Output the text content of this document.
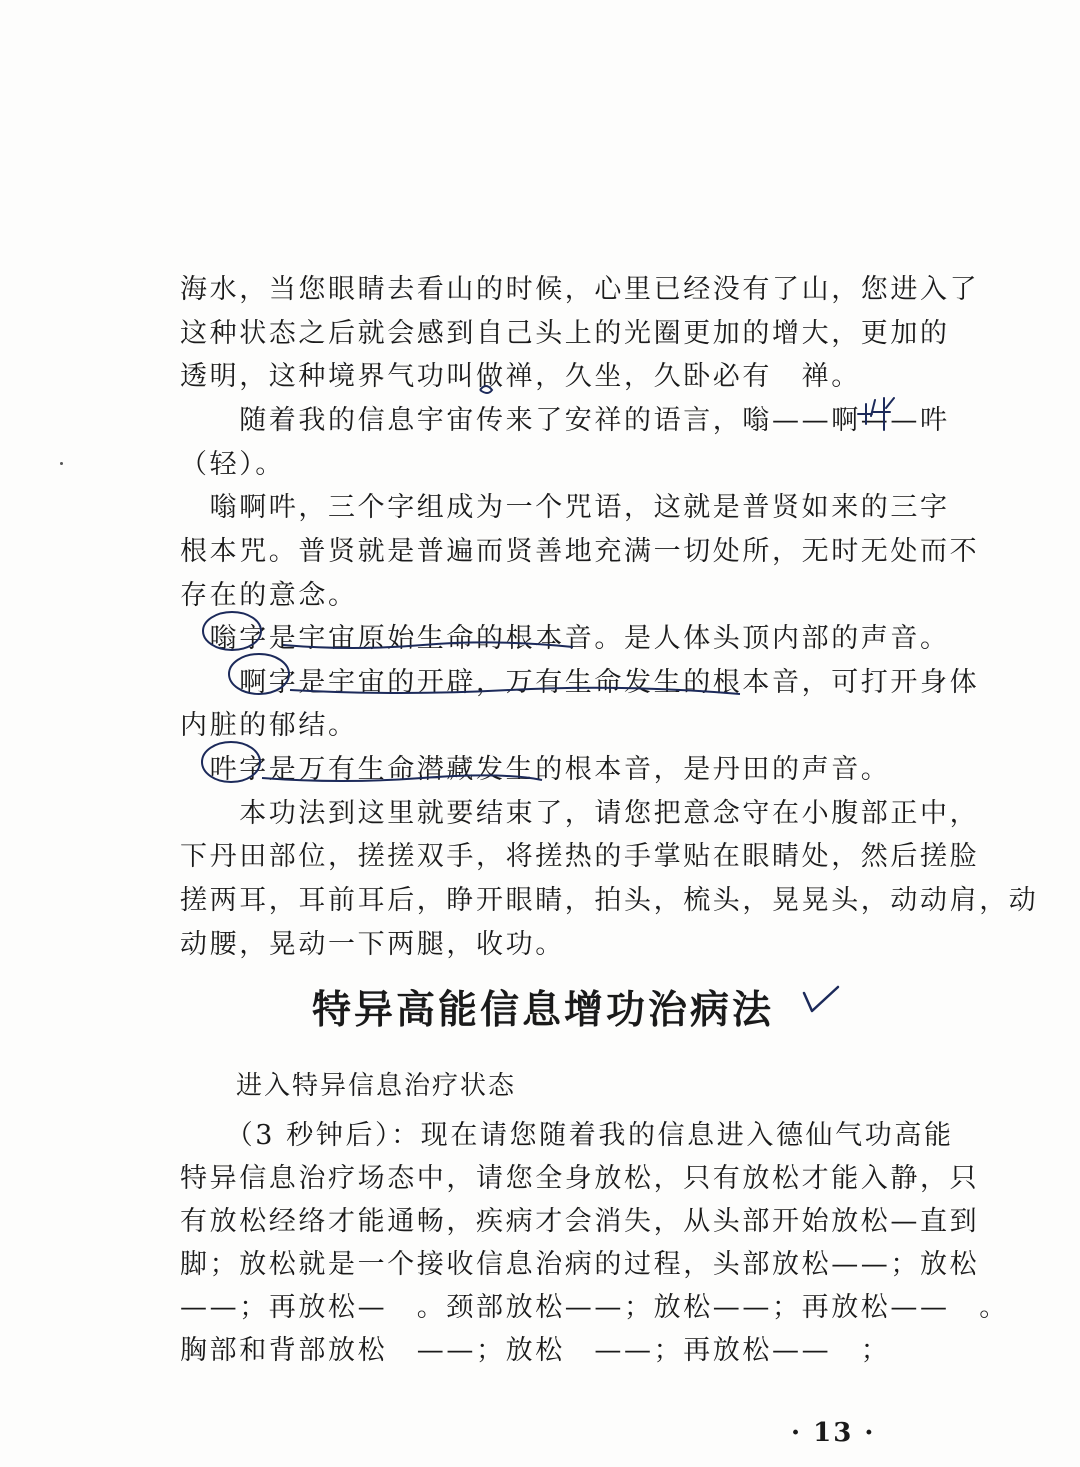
海水，当您眼睛去看山的时候，心里已经没有了山，您进入了
这种状态之后就会感到自己头上的光圈更加的增大，更加的
透明，这种境界气功叫做禅，久坐，久卧必有　禅。
　　随着我的信息宇宙传来了安祥的语言，嗡——啊——吽
（轻）。
　嗡啊吽，三个字组成为一个咒语，这就是普贤如来的三字
根本咒。普贤就是普遍而贤善地充满一切处所，无时无处而不
存在的意念。
　嗡字是宇宙原始生命的根本音。是人体头顶内部的声音。
　　啊字是宇宙的开辟，万有生命发生的根本音，可打开身体
内脏的郁结。
　吽字是万有生命潜藏发生的根本音，是丹田的声音。
　　本功法到这里就要结束了，请您把意念守在小腹部正中，
下丹田部位，搓搓双手，将搓热的手掌贴在眼睛处，然后搓脸
搓两耳，耳前耳后，睁开眼睛，拍头，梳头，晃晃头，动动肩，动
动腰，晃动一下两腿，收功。
特异高能信息增功治病法
进入特异信息治疗状态
　　（3 秒钟后）：现在请您随着我的信息进入德仙气功高能
特异信息治疗场态中，请您全身放松，只有放松才能入静，只
有放松经络才能通畅，疾病才会消失，从头部开始放松—直到
脚；放松就是一个接收信息治病的过程，头部放松——；放松
——；再放松—　。颈部放松——；放松——；再放松——　。
胸部和背部放松　——；放松　——；再放松——　；
· 13 ·
